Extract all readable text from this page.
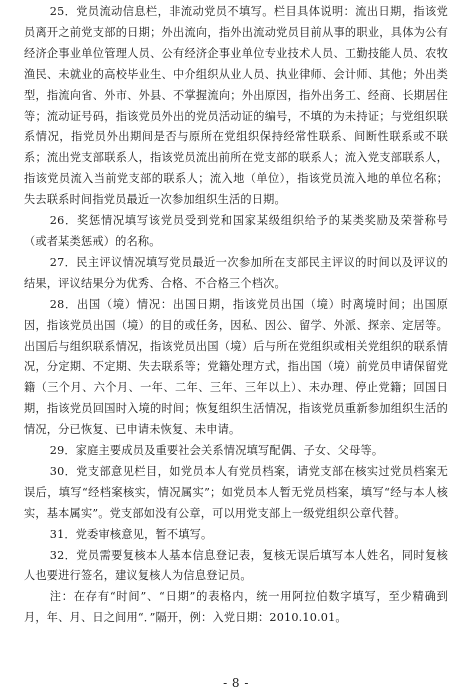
25．党员流动信息栏，非流动党员不填写。栏目具体说明：流出日期，指该党员离开之前党支部的日期；外出流向，指外出流动党员目前从事的职业，具体为公有经济企事业单位管理人员、公有经济企事业单位专业技术人员、工勤技能人员、农牧渔民、未就业的高校毕业生、中介组织从业人员、执业律师、会计师、其他；外出类型，指流向省、外市、外县、不掌握流向；外出原因，指外出务工、经商、长期居住等；流动证号码，指该党员外出的党员活动证的编号，不填的为未持证；与党组织联系情况，指党员外出期间是否与原所在党组织保持经常性联系、间断性联系或不联系；流出党支部联系人，指该党员流出前所在党支部的联系人；流入党支部联系人，指该党员流入当前党支部的联系人；流入地（单位），指该党员流入地的单位名称；失去联系时间指党员最近一次参加组织生活的日期。

26．奖惩情况填写该党员受到党和国家某级组织给予的某类奖励及荣誉称号（或者某类惩戒）的名称。

27．民主评议情况填写党员最近一次参加所在支部民主评议的时间以及评议的结果，评议结果分为优秀、合格、不合格三个档次。

28．出国（境）情况：出国日期，指该党员出国（境）时离境时间；出国原因，指该党员出国（境）的目的或任务，因私、因公、留学、外派、探亲、定居等。出国后与组织联系情况，指该党员出国（境）后与所在党组织或相关党组织的联系情况，分定期、不定期、失去联系等；党籍处理方式，指出国（境）前党员申请保留党籍（三个月、六个月、一年、二年、三年、三年以上）、未办理、停止党籍；回国日期，指该党员回国时入境的时间；恢复组织生活情况，指该党员重新参加组织生活的情况，分已恢复、已申请未恢复、未申请。

29．家庭主要成员及重要社会关系情况填写配偶、子女、父母等。

30．党支部意见栏目，如党员本人有党员档案，请党支部在核实过党员档案无误后，填写“经档案核实，情况属实”；如党员本人暂无党员档案，填写“经与本人核实，基本属实”。党支部如没有公章，可以用党支部上一级党组织公章代替。

31．党委审核意见，暂不填写。

32．党员需要复核本人基本信息登记表，复核无误后填写本人姓名，同时复核人也要进行签名，建议复核人为信息登记员。

注：在存有“时间”、“日期”的表格内，统一用阿拉伯数字填写，至少精确到月，年、月、日之间用“．”隔开，例：入党日期：2010.10.01。

- 8 -
